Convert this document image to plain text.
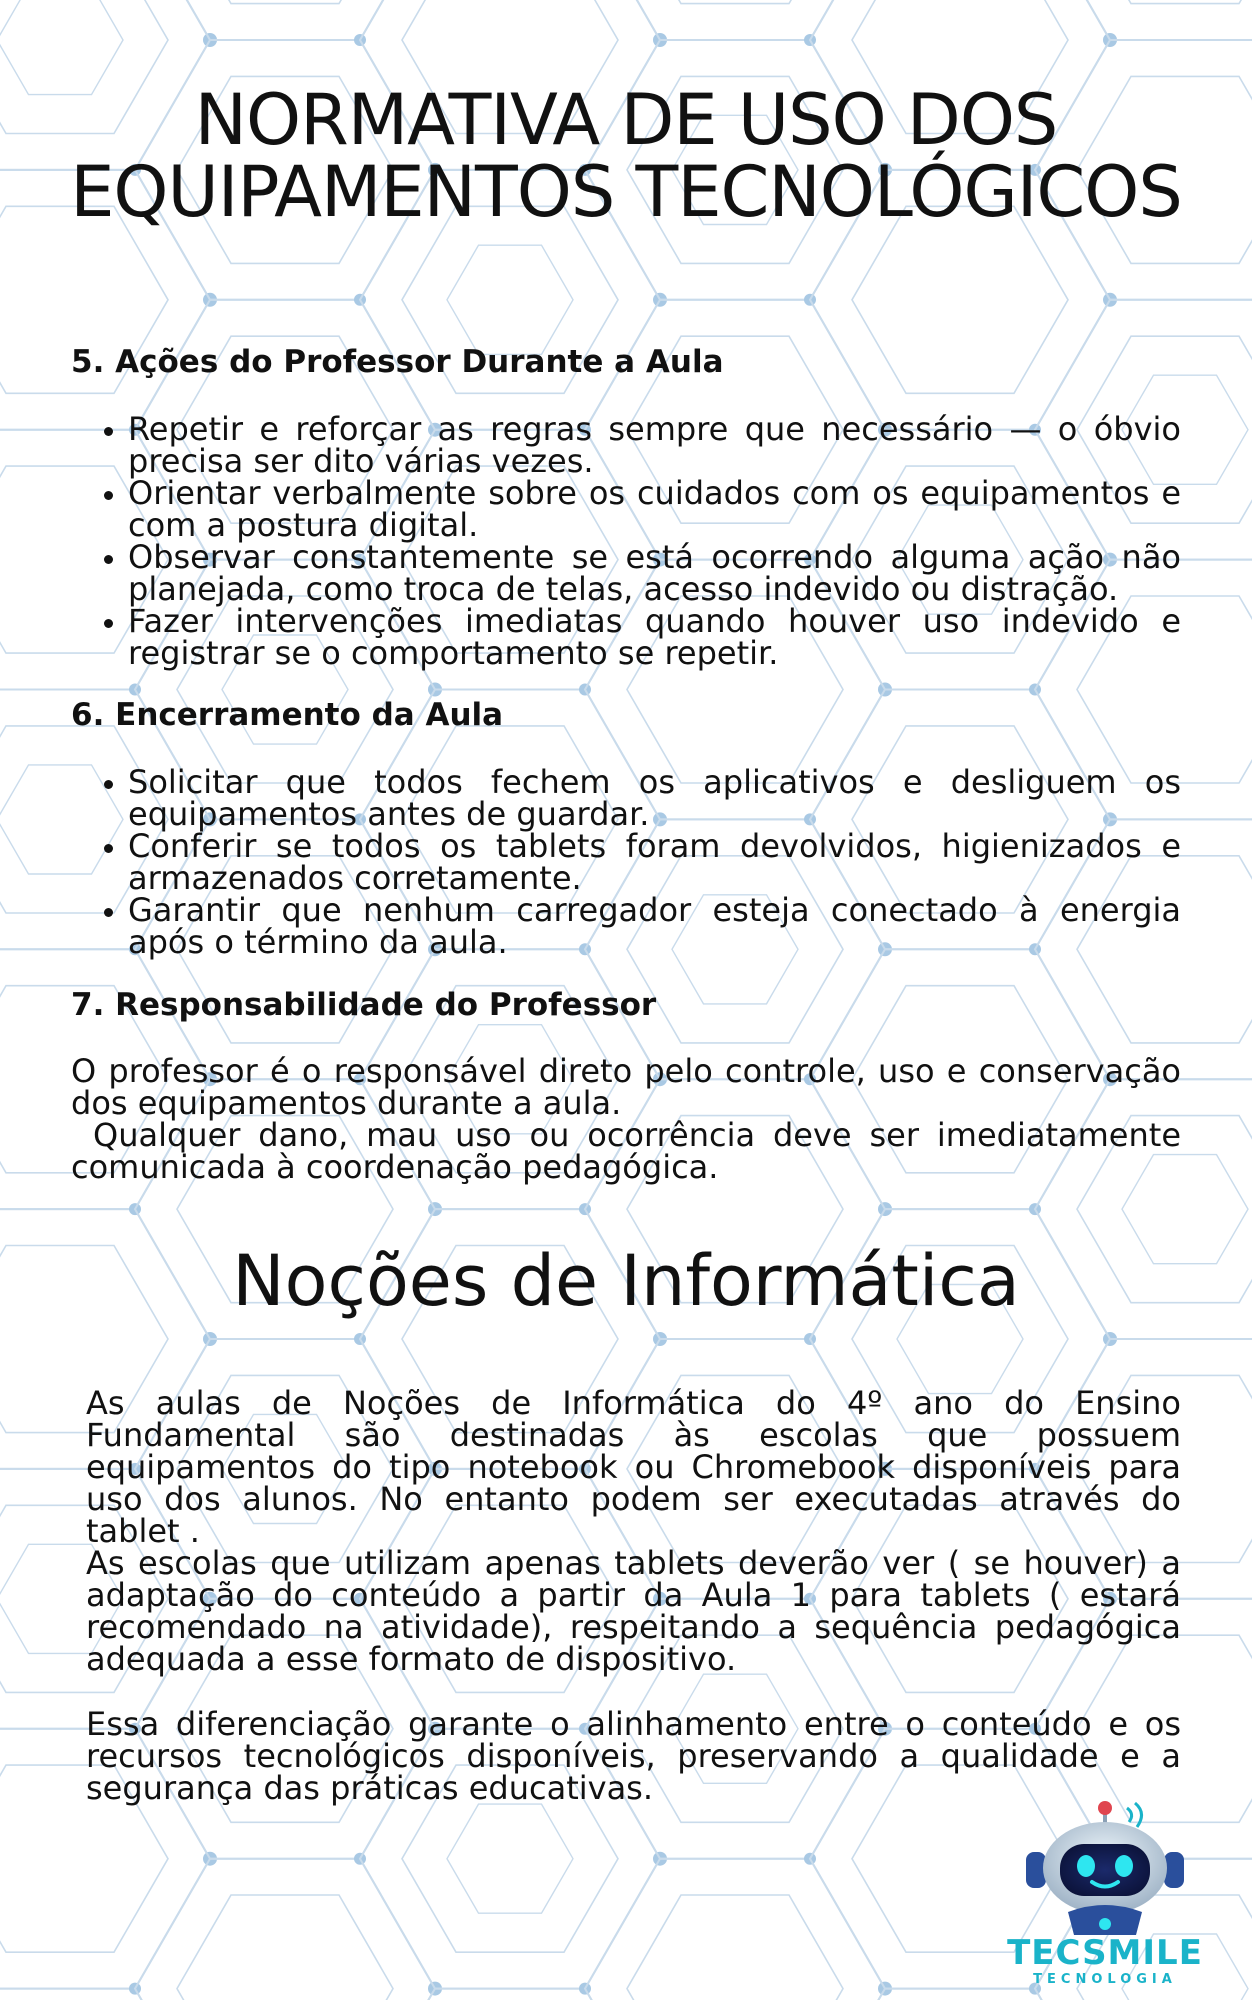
NORMATIVA DE USO DOS
EQUIPAMENTOS TECNOLÓGICOS
5. Ações do Professor Durante a Aula
• Repetir e reforçar as regras sempre que necessário — o óbvio precisa ser dito várias vezes.
• Orientar verbalmente sobre os cuidados com os equipamentos e com a postura digital.
• Observar constantemente se está ocorrendo alguma ação não planejada, como troca de telas, acesso indevido ou distração.
• Fazer intervenções imediatas quando houver uso indevido e registrar se o comportamento se repetir.
6. Encerramento da Aula
• Solicitar que todos fechem os aplicativos e desliguem os equipamentos antes de guardar.
• Conferir se todos os tablets foram devolvidos, higienizados e armazenados corretamente.
• Garantir que nenhum carregador esteja conectado à energia após o término da aula.
7. Responsabilidade do Professor

O professor é o responsável direto pelo controle, uso e conservação dos equipamentos durante a aula.

Qualquer dano, mau uso ou ocorrência deve ser imediatamente comunicada à coordenação pedagógica.

Noções de Informática

As aulas de Noções de Informática do 4º ano do Ensino Fundamental são destinadas às escolas que possuem equipamentos do tipo notebook ou Chromebook disponíveis para uso dos alunos. No entanto podem ser executadas através do tablet .

As escolas que utilizam apenas tablets deverão ver ( se houver) a adaptação do conteúdo a partir da Aula 1 para tablets ( estará recomendado na atividade), respeitando a sequência pedagógica adequada a esse formato de dispositivo.

Essa diferenciação garante o alinhamento entre o conteúdo e os recursos tecnológicos disponíveis, preservando a qualidade e a segurança das práticas educativas.

TECSMILE
TECNOLOGIA
